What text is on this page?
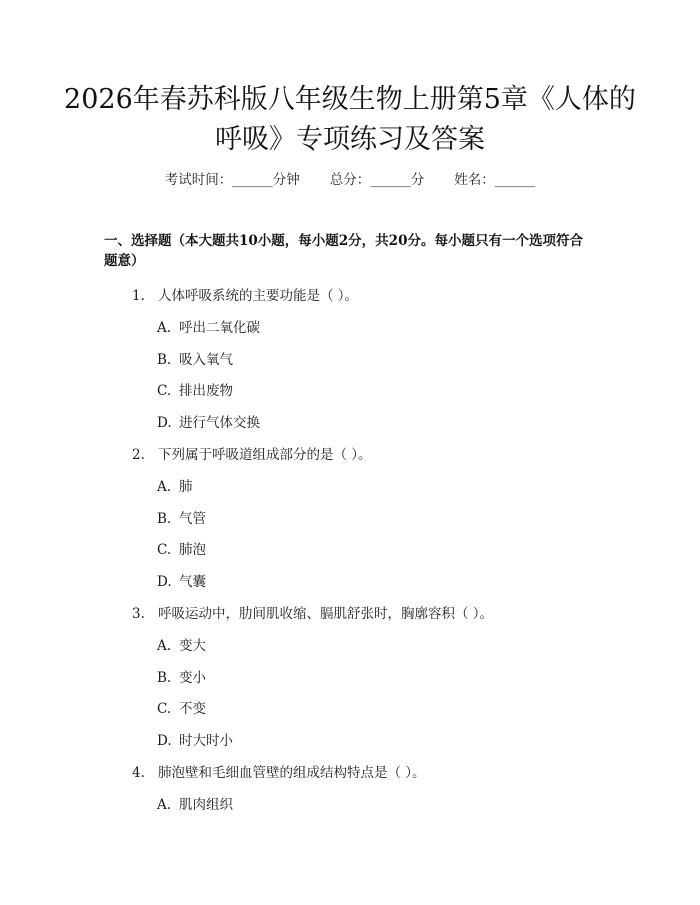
2026年春苏科版八年级生物上册第5章《人体的呼吸》专项练习及答案
考试时间：______分钟 总分：______分 姓名：______
一、选择题（本大题共10小题，每小题2分，共20分。每小题只有一个选项符合题意）
1. 人体呼吸系统的主要功能是（ ）。
A. 呼出二氧化碳
B. 吸入氧气
C. 排出废物
D. 进行气体交换
2. 下列属于呼吸道组成部分的是（ ）。
A. 肺
B. 气管
C. 肺泡
D. 气囊
3. 呼吸运动中，肋间肌收缩、膈肌舒张时，胸廓容积（ ）。
A. 变大
B. 变小
C. 不变
D. 时大时小
4. 肺泡壁和毛细血管壁的组成结构特点是（ ）。
A. 肌肉组织
